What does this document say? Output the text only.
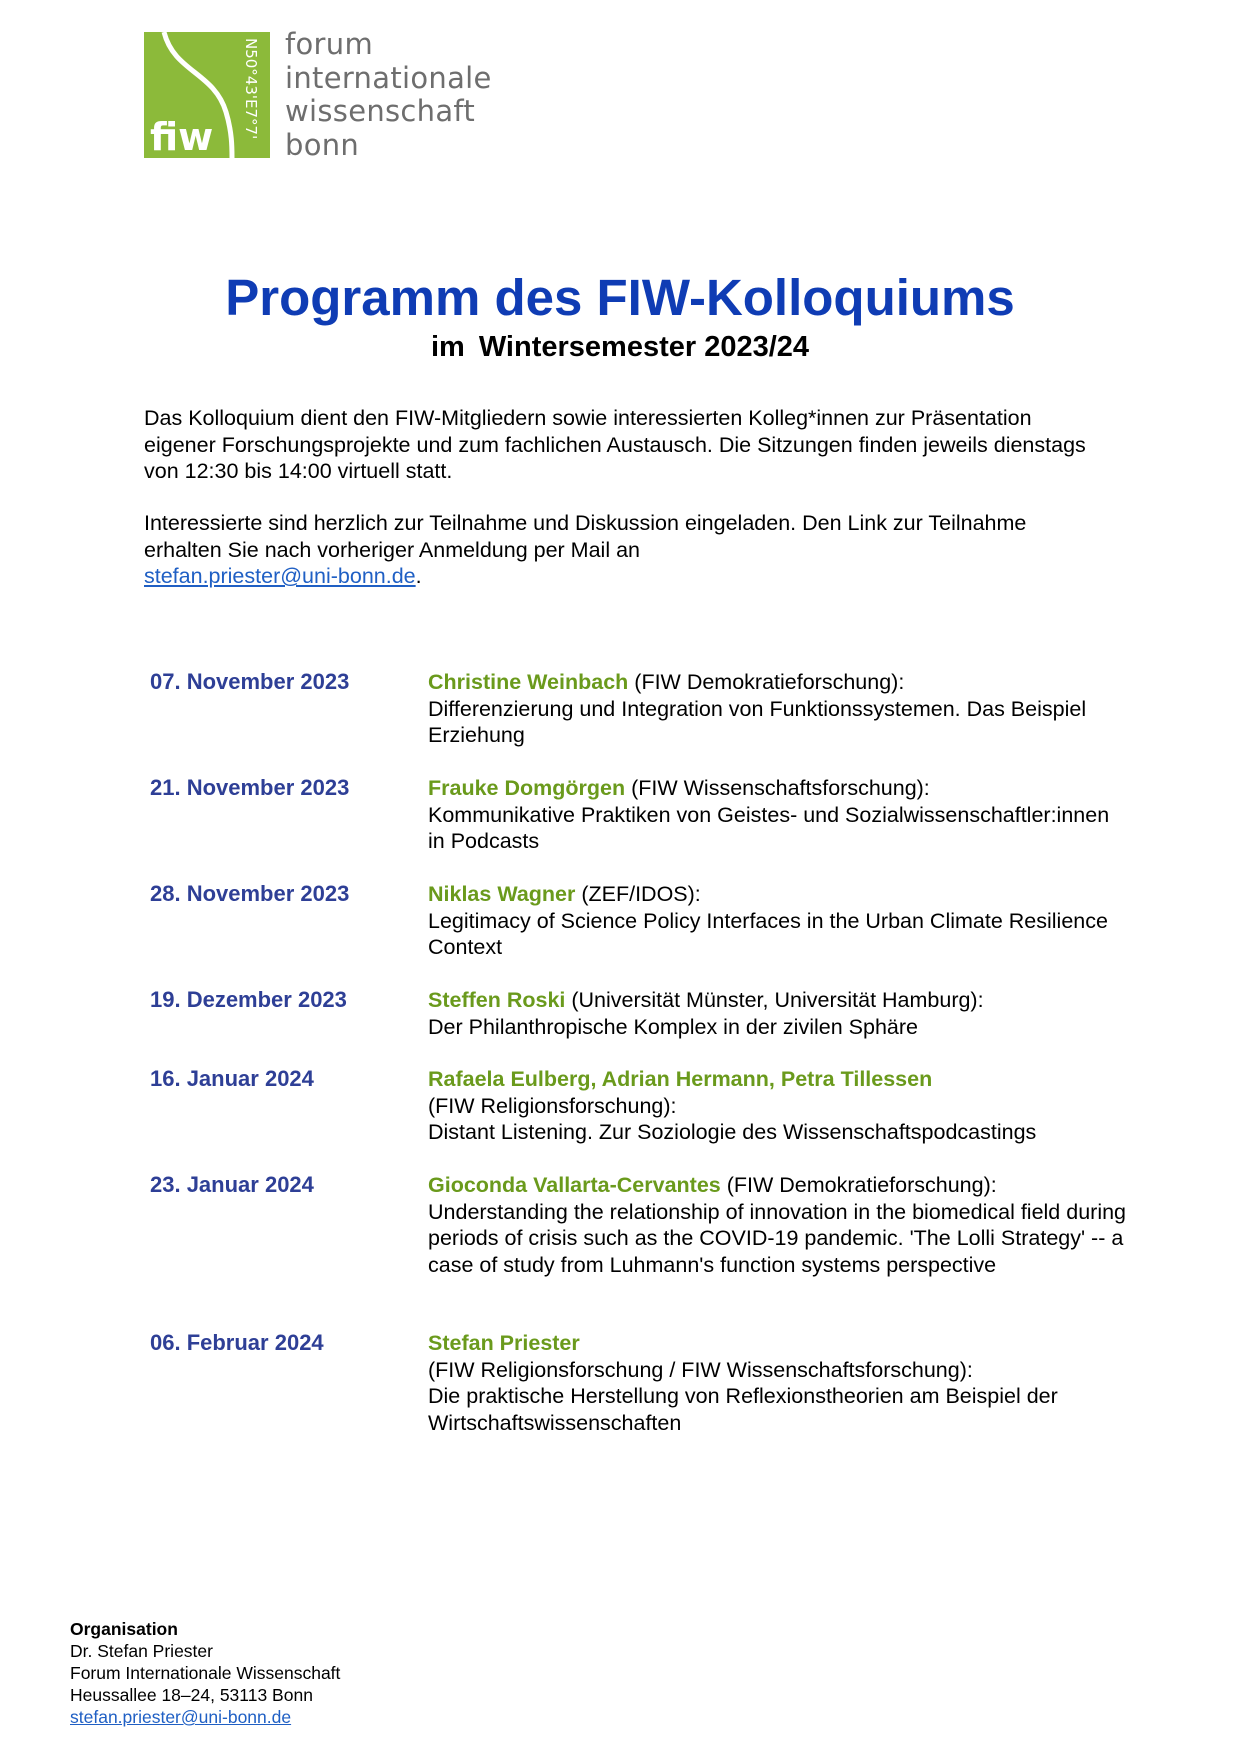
fiw N50°43'E7°7' forum
internationale
wissenschaft
bonn
Programm des FIW-Kolloquiums
im Wintersemester 2023/24

Das Kolloquium dient den FIW-Mitgliedern sowie interessierten Kolleg*innen zur Präsentation eigener Forschungsprojekte und zum fachlichen Austausch. Die Sitzungen finden jeweils dienstags von 12:30 bis 14:00 virtuell statt.

Interessierte sind herzlich zur Teilnahme und Diskussion eingeladen. Den Link zur Teilnahme erhalten Sie nach vorheriger Anmeldung per Mail an
stefan.priester@uni-bonn.de.

07. November 2023	Christine Weinbach (FIW Demokratieforschung):
Differenzierung und Integration von Funktionssystemen. Das Beispiel Erziehung
21. November 2023	Frauke Domgörgen (FIW Wissenschaftsforschung):
Kommunikative Praktiken von Geistes- und Sozialwissenschaftler:innen in Podcasts
28. November 2023	Niklas Wagner (ZEF/IDOS):
Legitimacy of Science Policy Interfaces in the Urban Climate Resilience Context
19. Dezember 2023	Steffen Roski (Universität Münster, Universität Hamburg):
Der Philanthropische Komplex in der zivilen Sphäre
16. Januar 2024	Rafaela Eulberg, Adrian Hermann, Petra Tillessen
(FIW Religionsforschung):
Distant Listening. Zur Soziologie des Wissenschaftspodcastings
23. Januar 2024	Gioconda Vallarta-Cervantes (FIW Demokratieforschung):
Understanding the relationship of innovation in the biomedical field during periods of crisis such as the COVID-19 pandemic. 'The Lolli Strategy' -- a case of study from Luhmann's function systems perspective
06. Februar 2024	Stefan Priester
(FIW Religionsforschung / FIW Wissenschaftsforschung):
Die praktische Herstellung von Reflexionstheorien am Beispiel der Wirtschaftswissenschaften
Organisation
Dr. Stefan Priester
Forum Internationale Wissenschaft
Heussallee 18–24, 53113 Bonn
stefan.priester@uni-bonn.de
